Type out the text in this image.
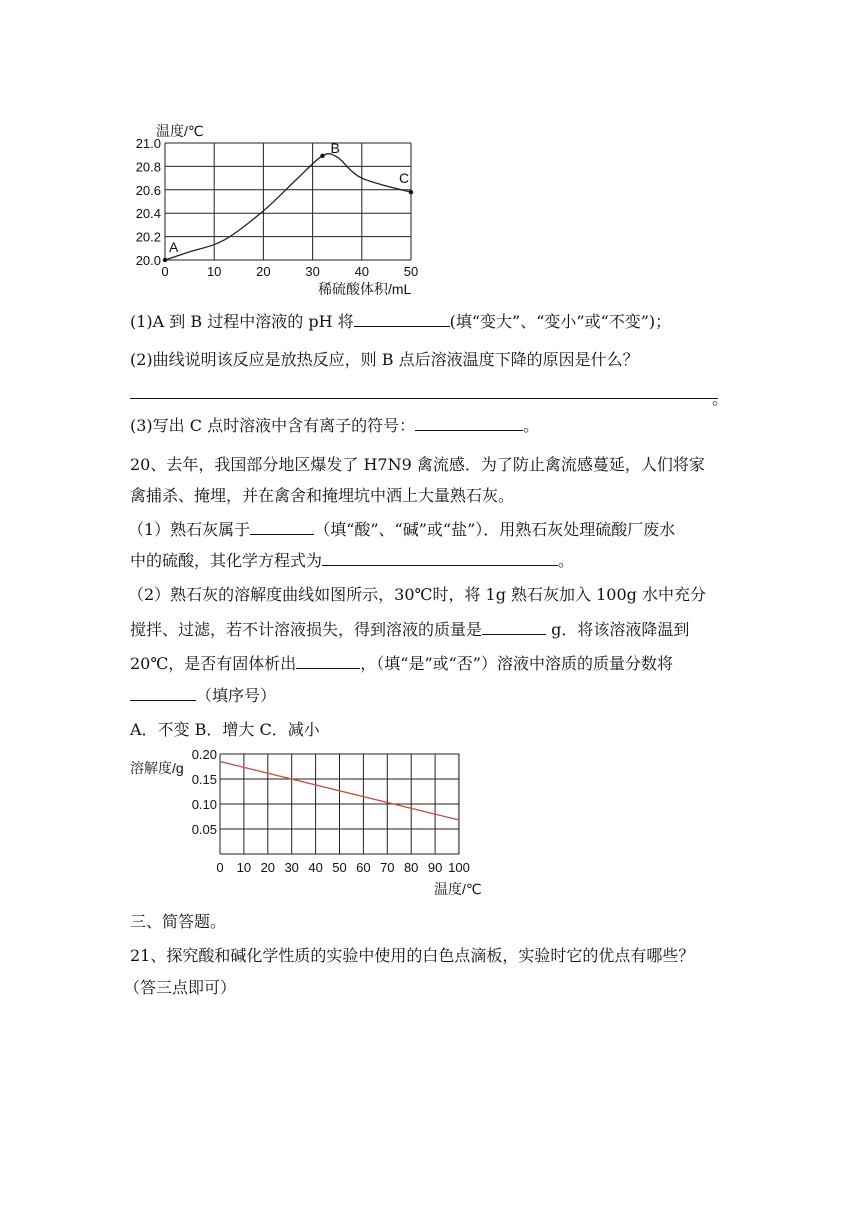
温度/℃
20.0
20.2
20.4
20.6
20.8
21.0
0	10	20	30	40	50
A
B
C
稀硫酸体积/mL
(1)A 到 B 过程中溶液的 pH 将	(填“变大”、“变小”或“不变”)；
(2)曲线说明该反应是放热反应，则 B 点后溶液温度下降的原因是什么？
。
(3)写出 C 点时溶液中含有离子的符号：	。
20、去年，我国部分地区爆发了 H7N9 禽流感．为了防止禽流感蔓延，人们将家
禽捕杀、掩埋，并在禽舍和掩埋坑中洒上大量熟石灰。
（1）熟石灰属于	（填“酸”、“碱”或“盐”）．用熟石灰处理硫酸厂废水
中的硫酸，其化学方程式为	。
（2）熟石灰的溶解度曲线如图所示，30℃时，将 1g 熟石灰加入 100g 水中充分
搅拌、过滤，若不计溶液损失，得到溶液的质量是	g．将该溶液降温到
20℃，是否有固体析出	，（填“是”或“否”）溶液中溶质的质量分数将
（填序号）
A．不变 B．增大 C．减小
溶解度/g
0.05
0.10
0.15
0.20
0 10 20 30 40 50 60 70 80 90 100
温度/℃
三、简答题。
21、探究酸和碱化学性质的实验中使用的白色点滴板，实验时它的优点有哪些？
（答三点即可）
